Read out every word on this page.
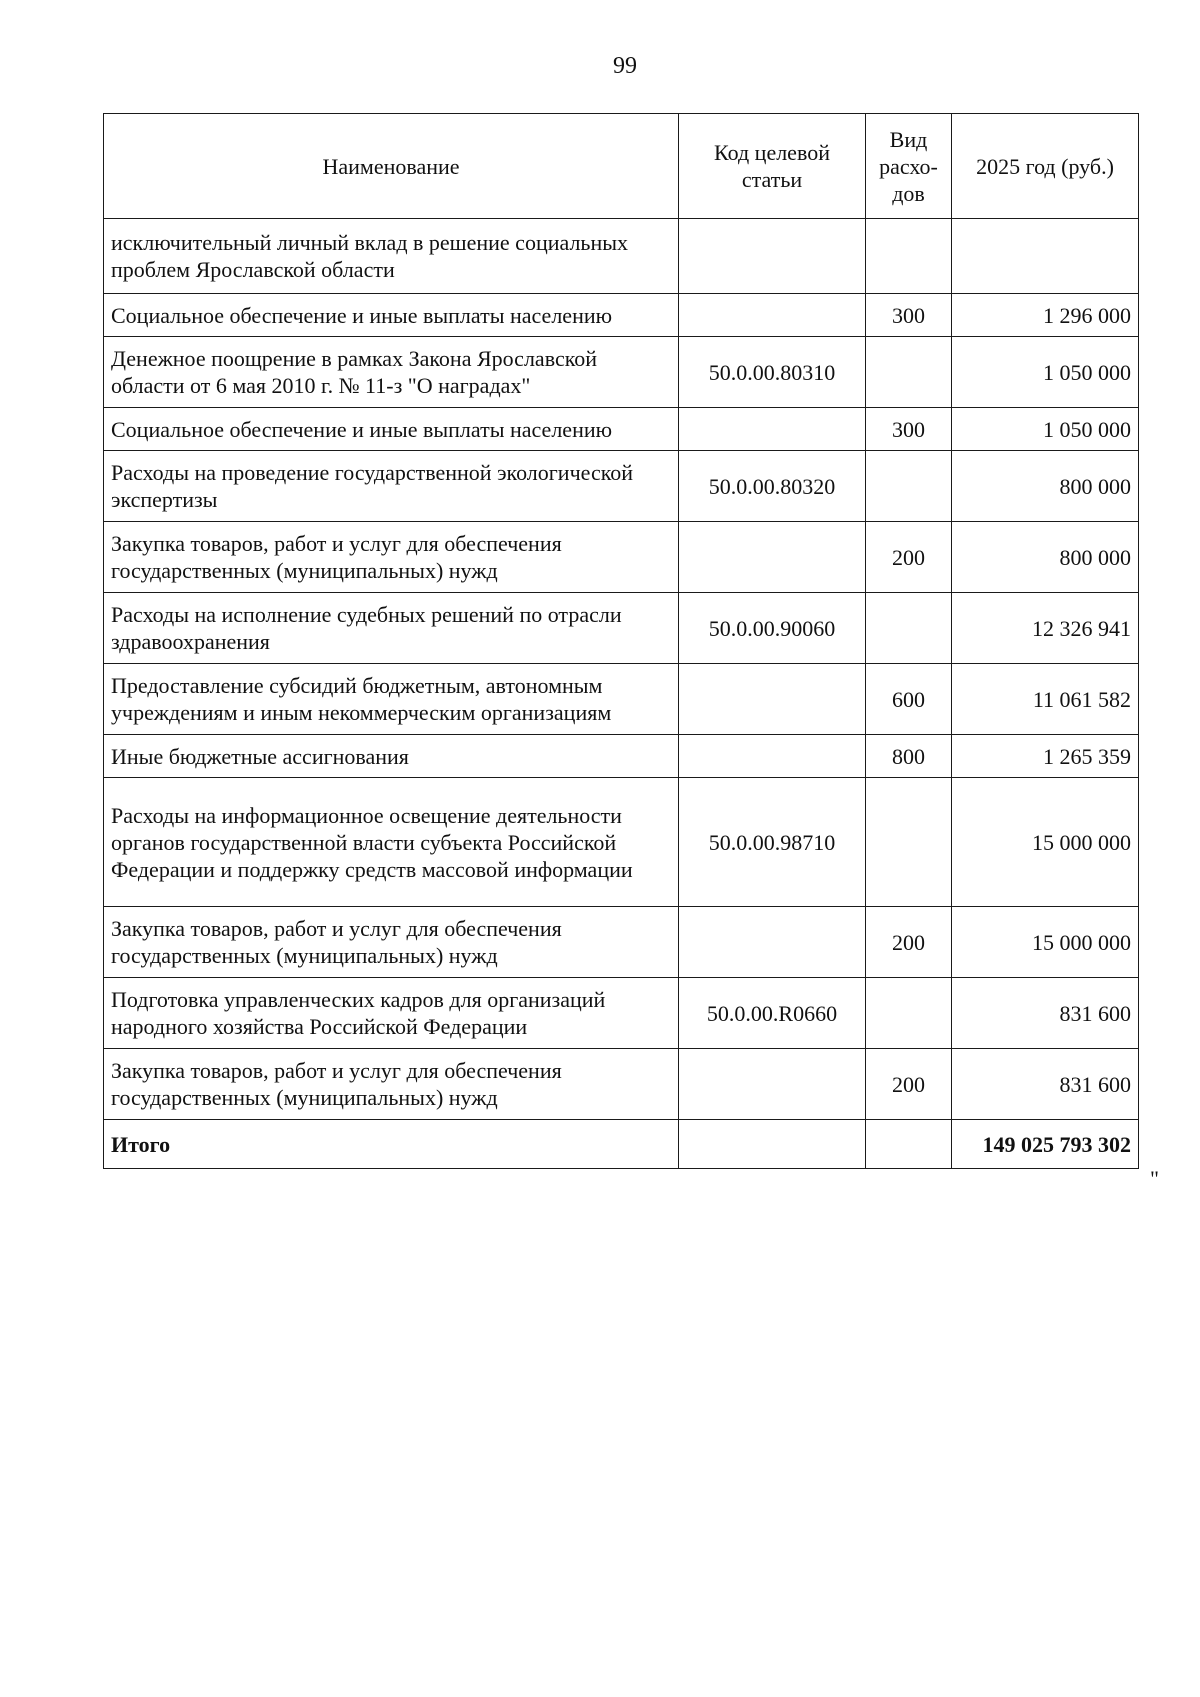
99
Наименование	Код целевой статьи	Вид расхо-дов	2025 год (руб.)
исключительный личный вклад в решение социальных проблем Ярославской области			
Социальное обеспечение и иные выплаты населению		300	1 296 000
Денежное поощрение в рамках Закона Ярославской области от 6 мая 2010 г. № 11-з "О наградах"	50.0.00.80310		1 050 000
Социальное обеспечение и иные выплаты населению		300	1 050 000
Расходы на проведение государственной экологической экспертизы	50.0.00.80320		800 000
Закупка товаров, работ и услуг для обеспечения государственных (муниципальных) нужд		200	800 000
Расходы на исполнение судебных решений по отрасли здравоохранения	50.0.00.90060		12 326 941
Предоставление субсидий бюджетным, автономным учреждениям и иным некоммерческим организациям		600	11 061 582
Иные бюджетные ассигнования		800	1 265 359
Расходы на информационное освещение деятельности органов государственной власти субъекта Российской Федерации и поддержку средств массовой информации	50.0.00.98710		15 000 000
Закупка товаров, работ и услуг для обеспечения государственных (муниципальных) нужд		200	15 000 000
Подготовка управленческих кадров для организаций народного хозяйства Российской Федерации	50.0.00.R0660		831 600
Закупка товаров, работ и услуг для обеспечения государственных (муниципальных) нужд		200	831 600
Итого			149 025 793 302
"
